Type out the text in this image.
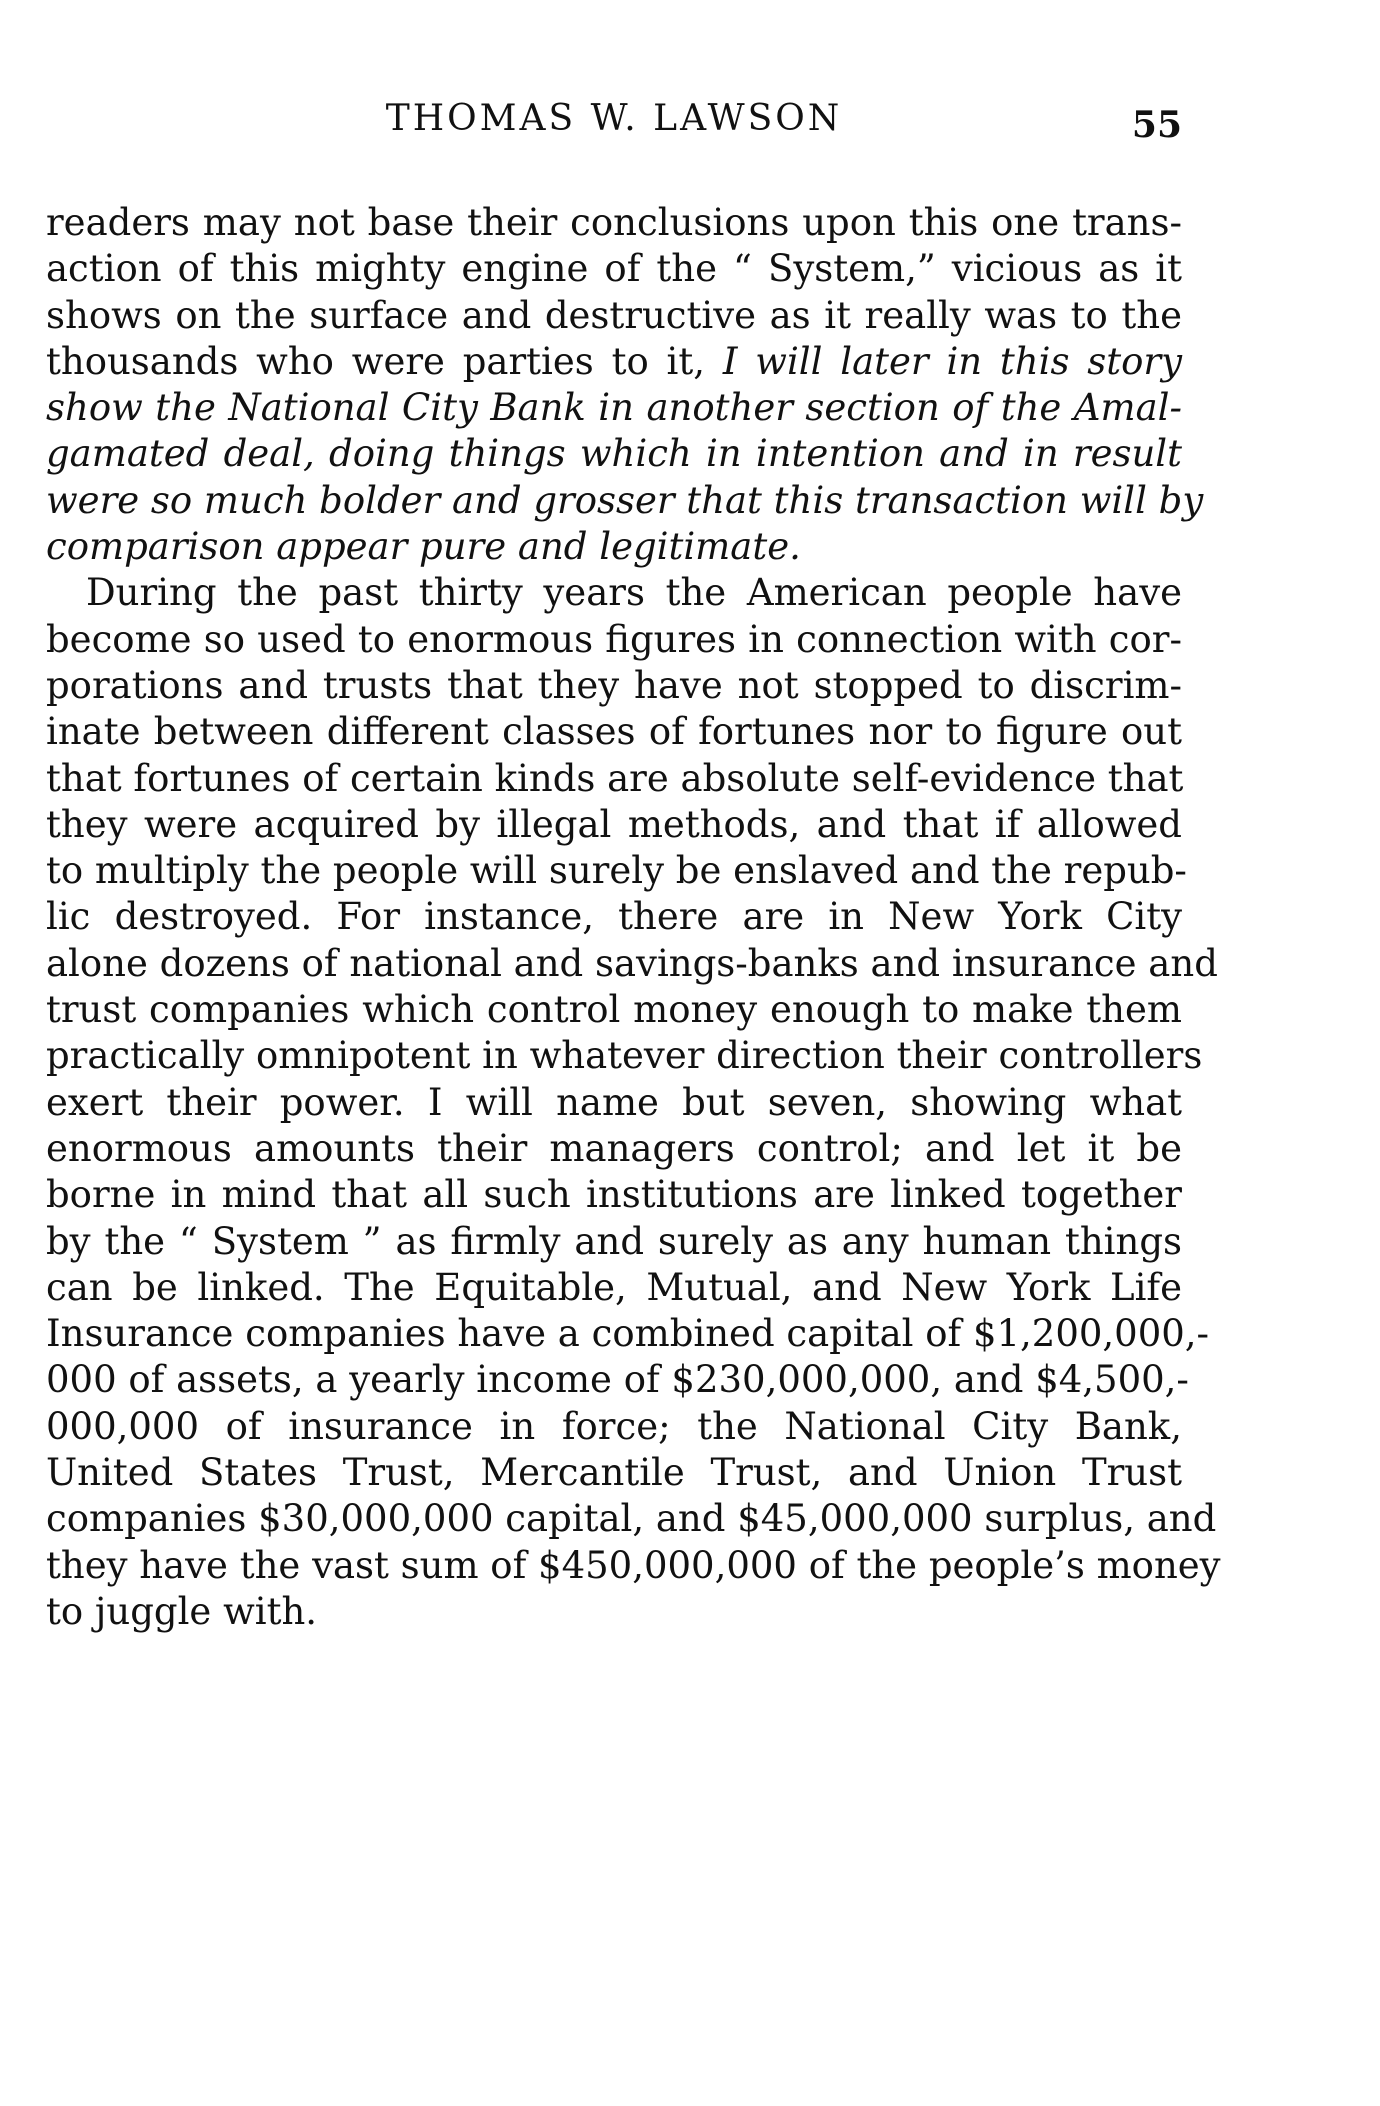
THOMAS W. LAWSON	55
readers may not base their conclusions upon this one trans-
action of this mighty engine of the “ System,” vicious as it
shows on the surface and destructive as it really was to the
thousands who were parties to it, I will later in this story
show the National City Bank in another section of the Amal-
gamated deal, doing things which in intention and in result
were so much bolder and grosser that this transaction will by
comparison appear pure and legitimate.
During the past thirty years the American people have
become so used to enormous figures in connection with cor-
porations and trusts that they have not stopped to discrim-
inate between different classes of fortunes nor to figure out
that fortunes of certain kinds are absolute self-evidence that
they were acquired by illegal methods, and that if allowed
to multiply the people will surely be enslaved and the repub-
lic destroyed. For instance, there are in New York City
alone dozens of national and savings-banks and insurance and
trust companies which control money enough to make them
practically omnipotent in whatever direction their controllers
exert their power. I will name but seven, showing what
enormous amounts their managers control; and let it be
borne in mind that all such institutions are linked together
by the “ System ” as firmly and surely as any human things
can be linked. The Equitable, Mutual, and New York Life
Insurance companies have a combined capital of $1,200,000,-
000 of assets, a yearly income of $230,000,000, and $4,500,-
000,000 of insurance in force; the National City Bank,
United States Trust, Mercantile Trust, and Union Trust
companies $30,000,000 capital, and $45,000,000 surplus, and
they have the vast sum of $450,000,000 of the people’s money
to juggle with.
